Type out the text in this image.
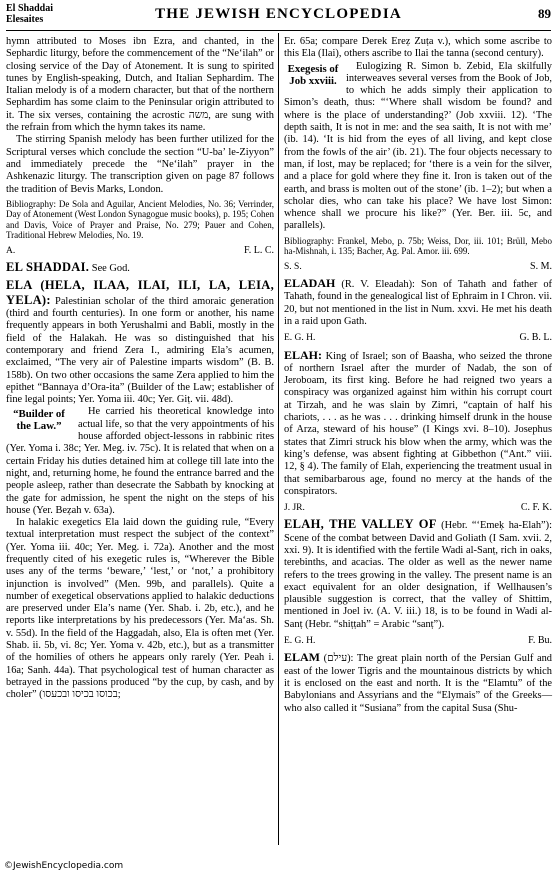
El Shaddai
Elesaites	THE JEWISH ENCYCLOPEDIA	89

hymn attributed to Moses ibn Ezra, and chanted, in the Sephardic liturgy, before the commencement of the “Ne‘ilah” or closing service of the Day of Atonement. It is sung to spirited tunes by English-speaking, Dutch, and Italian Sephardim. The Italian melody is of a modern character, but that of the northern Sephardim has some claim to the Peninsular origin attributed to it. The six verses, containing the acrostic משה, are sung with the refrain from which the hymn takes its name.

The stirring Spanish melody has been further utilized for the Scriptural verses which conclude the section “U-ba’ le-Ziyyon” and immediately precede the “Ne‘ilah” prayer in the Ashkenazic liturgy. The transcription given on page 87 follows the tradition of Bevis Marks, London.

Bibliography: De Sola and Aguilar, Ancient Melodies, No. 36; Verrinder, Day of Atonement (West London Synagogue music books), p. 195; Cohen and Davis, Voice of Prayer and Praise, No. 279; Pauer and Cohen, Traditional Hebrew Melodies, No. 19.

A.	F. L. C.

EL SHADDAI. See God.

ELA (HELA, ILAA, ILAI, ILI, LA, LEIA, YELA): Palestinian scholar of the third amoraic generation (third and fourth centuries). In one form or another, his name frequently appears in both Yerushalmi and Babli, mostly in the field of the Halakah. He was so distinguished that his contemporary and friend Zera I., admiring Ela’s acumen, exclaimed, “The very air of Palestine imparts wisdom” (B. B. 158b). On two other occasions the same Zera applied to him the epithet “Bannaya d’Ora-ita” (Builder of the Law; establisher of fine legal points; Yer. Yoma iii. 40c; Yer. Giṭ. vii. 48d).

“Builder of the Law.”
He carried his theoretical knowledge into actual life, so that the very appointments of his house afforded object-lessons in rabbinic rites (Yer. Yoma i. 38c; Yer. Meg. iv. 75c). It is related that when on a certain Friday his duties detained him at college till late into the night, and, returning home, he found the entrance barred and the people asleep, rather than desecrate the Sabbath by knocking at the gate for admission, he spent the night on the steps of his house (Yer. Beẓah v. 63a).

In halakic exegetics Ela laid down the guiding rule, “Every textual interpretation must respect the subject of the context” (Yer. Yoma iii. 40c; Yer. Meg. i. 72a). Another and the most frequently cited of his exegetic rules is, “Wherever the Bible uses any of the terms ‘beware,’ ‘lest,’ or ‘not,’ a prohibitory injunction is involved” (Men. 99b, and parallels). Quite a number of exegetical observations applied to halakic deductions are preserved under Ela’s name (Yer. Shab. i. 2b, etc.), and he reports like interpretations by his predecessors (Yer. Ma‘as. Sh. v. 55d). In the field of the Haggadah, also, Ela is often met (Yer. Shab. ii. 5b, vi. 8c; Yer. Yoma v. 42b, etc.), but as a transmitter of the homilies of others he appears only rarely (Yer. Peah i. 16a; Sanh. 44a). That psychological test of human character as betrayed in the passions produced “by the cup, by cash, and by choler” (בכוסו בכיסו ובכעסו;

Er. 65a; compare Derek Ereẓ Zuṭa v.), which some ascribe to this Ela (Ilai), others ascribe to Ilai the tanna (second century).

Exegesis of Job xxviii.
Eulogizing R. Simon b. Zebid, Ela skilfully interweaves several verses from the Book of Job, to which he adds simply their application to Simon’s death, thus: “‘Where shall wisdom be found? and where is the place of understanding?’ (Job xxviii. 12). ‘The depth saith, It is not in me: and the sea saith, It is not with me’ (ib. 14). ‘It is hid from the eyes of all living, and kept close from the fowls of the air’ (ib. 21). The four objects necessary to man, if lost, may be replaced; for ‘there is a vein for the silver, and a place for gold where they fine it. Iron is taken out of the earth, and brass is molten out of the stone’ (ib. 1–2); but when a scholar dies, who can take his place? We have lost Simon: whence shall we procure his like?” (Yer. Ber. iii. 5c, and parallels).

Bibliography: Frankel, Mebo, p. 75b; Weiss, Dor, iii. 101; Brüll, Mebo ha-Mishnah, i. 135; Bacher, Ag. Pal. Amor. iii. 699.

S. S.	S. M.

ELADAH (R. V. Eleadah): Son of Tahath and father of Tahath, found in the genealogical list of Ephraim in I Chron. vii. 20, but not mentioned in the list in Num. xxvi. He met his death in a raid upon Gath.

E. G. H.	G. B. L.

ELAH: King of Israel; son of Baasha, who seized the throne of northern Israel after the murder of Nadab, the son of Jeroboam, its first king. Before he had reigned two years a conspiracy was organized against him within his corrupt court at Tirzah, and he was slain by Zimri, “captain of half his chariots, . . . as he was . . . drinking himself drunk in the house of Arza, steward of his house” (I Kings xvi. 8–10). Josephus states that Zimri struck his blow when the army, which was the king’s defense, was absent fighting at Gibbethon (“Ant.” viii. 12, § 4). The family of Elah, experiencing the treatment usual in that semibarbarous age, found no mercy at the hands of the conspirators.

J. JR.	C. F. K.

ELAH, THE VALLEY OF (Hebr. “‘Emeḳ ha-Elah”): Scene of the combat between David and Goliath (I Sam. xvii. 2, xxi. 9). It is identified with the fertile Wadi al-Sanṭ, rich in oaks, terebinths, and acacias. The older as well as the newer name refers to the trees growing in the valley. The present name is an exact equivalent for an older designation, if Wellhausen’s plausible suggestion is correct, that the valley of Shittim, mentioned in Joel iv. (A. V. iii.) 18, is to be found in Wadi al-Sanṭ (Hebr. “shiṭṭah” = Arabic “sanṭ”).

E. G. H.	F. Bu.

ELAM (עילם): The great plain north of the Persian Gulf and east of the lower Tigris and the mountainous districts by which it is enclosed on the east and north. It is the “Elamtu” of the Babylonians and Assyrians and the “Elymais” of the Greeks—who also called it “Susiana” from the capital Susa (Shu-

©JewishEncyclopedia.com
